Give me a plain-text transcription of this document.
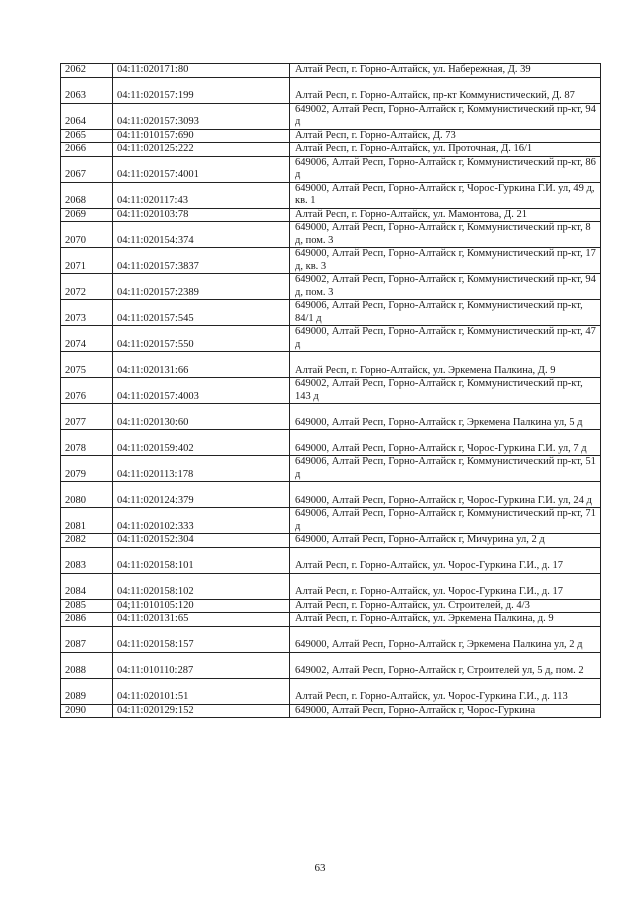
2062	04:11:020171:80	Алтай Респ, г. Горно-Алтайск, ул. Набережная, Д. 39
2063	04:11:020157:199	Алтай Респ, г. Горно-Алтайск, пр-кт Коммунистический, Д. 87
2064	04:11:020157:3093	649002, Алтай Респ, Горно-Алтайск г, Коммунистический пр-кт, 94 д
2065	04:11:010157:690	Алтай Респ, г. Горно-Алтайск, Д. 73
2066	04:11:020125:222	Алтай Респ, г. Горно-Алтайск, ул. Проточная, Д. 16/1
2067	04:11:020157:4001	649006, Алтай Респ, Горно-Алтайск г, Коммунистический пр-кт, 86 д
2068	04:11:020117:43	649000, Алтай Респ, Горно-Алтайск г, Чорос-Гуркина Г.И. ул, 49 д, кв. 1
2069	04:11:020103:78	Алтай Респ, г. Горно-Алтайск, ул. Мамонтова, Д. 21
2070	04:11:020154:374	649000, Алтай Респ, Горно-Алтайск г, Коммунистический пр-кт, 8 д, пом. 3
2071	04:11:020157:3837	649000, Алтай Респ, Горно-Алтайск г, Коммунистический пр-кт, 17 д, кв. 3
2072	04:11:020157:2389	649002, Алтай Респ, Горно-Алтайск г, Коммунистический пр-кт, 94 д, пом. 3
2073	04:11:020157:545	649006, Алтай Респ, Горно-Алтайск г, Коммунистический пр-кт, 84/1 д
2074	04:11:020157:550	649000, Алтай Респ, Горно-Алтайск г, Коммунистический пр-кт, 47 д
2075	04:11:020131:66	Алтай Респ, г. Горно-Алтайск, ул. Эркемена Палкина, Д. 9
2076	04:11:020157:4003	649002, Алтай Респ, Горно-Алтайск г, Коммунистический пр-кт, 143 д
2077	04:11:020130:60	649000, Алтай Респ, Горно-Алтайск г, Эркемена Палкина ул, 5 д
2078	04:11:020159:402	649000, Алтай Респ, Горно-Алтайск г, Чорос-Гуркина Г.И. ул, 7 д
2079	04:11:020113:178	649006, Алтай Респ, Горно-Алтайск г, Коммунистический пр-кт, 51 д
2080	04:11:020124:379	649000, Алтай Респ, Горно-Алтайск г, Чорос-Гуркина Г.И. ул, 24 д
2081	04:11:020102:333	649006, Алтай Респ, Горно-Алтайск г, Коммунистический пр-кт, 71 д
2082	04:11:020152:304	649000, Алтай Респ, Горно-Алтайск г, Мичурина ул, 2 д
2083	04:11:020158:101	Алтай Респ, г. Горно-Алтайск, ул. Чорос-Гуркина Г.И., д. 17
2084	04:11:020158:102	Алтай Респ, г. Горно-Алтайск, ул. Чорос-Гуркина Г.И., д. 17
2085	04;11:010105:120	Алтай Респ, г. Горно-Алтайск, ул. Строителей, д. 4/3
2086	04:11:020131:65	Алтай Респ, г. Горно-Алтайск, ул. Эркемена Палкина, д. 9
2087	04:11:020158:157	649000, Алтай Респ, Горно-Алтайск г, Эркемена Палкина ул, 2 д
2088	04:11:010110:287	649002, Алтай Респ, Горно-Алтайск г, Строителей ул, 5 д, пом. 2
2089	04:11:020101:51	Алтай Респ, г. Горно-Алтайск, ул. Чорос-Гуркина Г.И., д. 113
2090	04:11:020129:152	649000, Алтай Респ, Горно-Алтайск г, Чорос-Гуркина
63
